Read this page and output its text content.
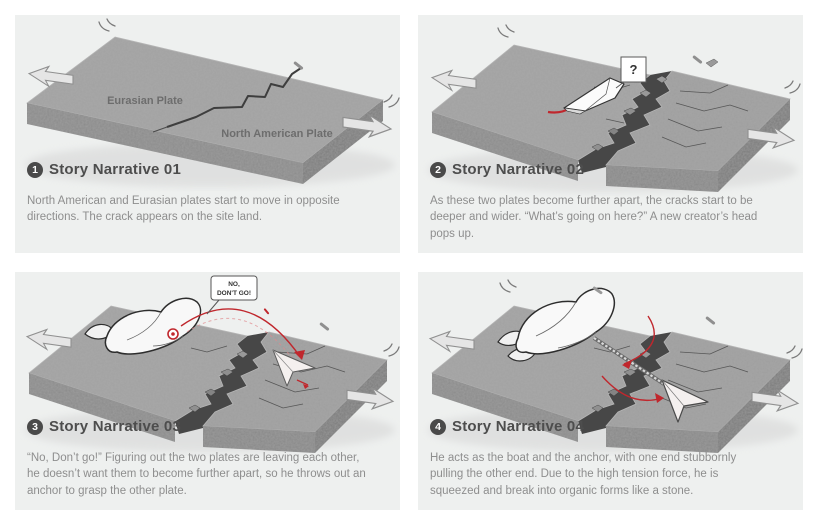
Eurasian Plate
North American Plate
1 Story Narrative 01
North American and Eurasian plates start to move in opposite directions. The crack appears on the site land.
?
2 Story Narrative 02
As these two plates become further apart, the cracks start to be deeper and wider. “What’s going on here?” A new creator’s head pops up.
NO,
DON'T GO!
3 Story Narrative 03
“No, Don’t go!” Figuring out the two plates are leaving each other, he doesn’t want them to become further apart, so he throws out an anchor to grasp the other plate.
4 Story Narrative 04
He acts as the boat and the anchor, with one end stubbornly pulling the other end. Due to the high tension force, he is squeezed and break into organic forms like a stone.
